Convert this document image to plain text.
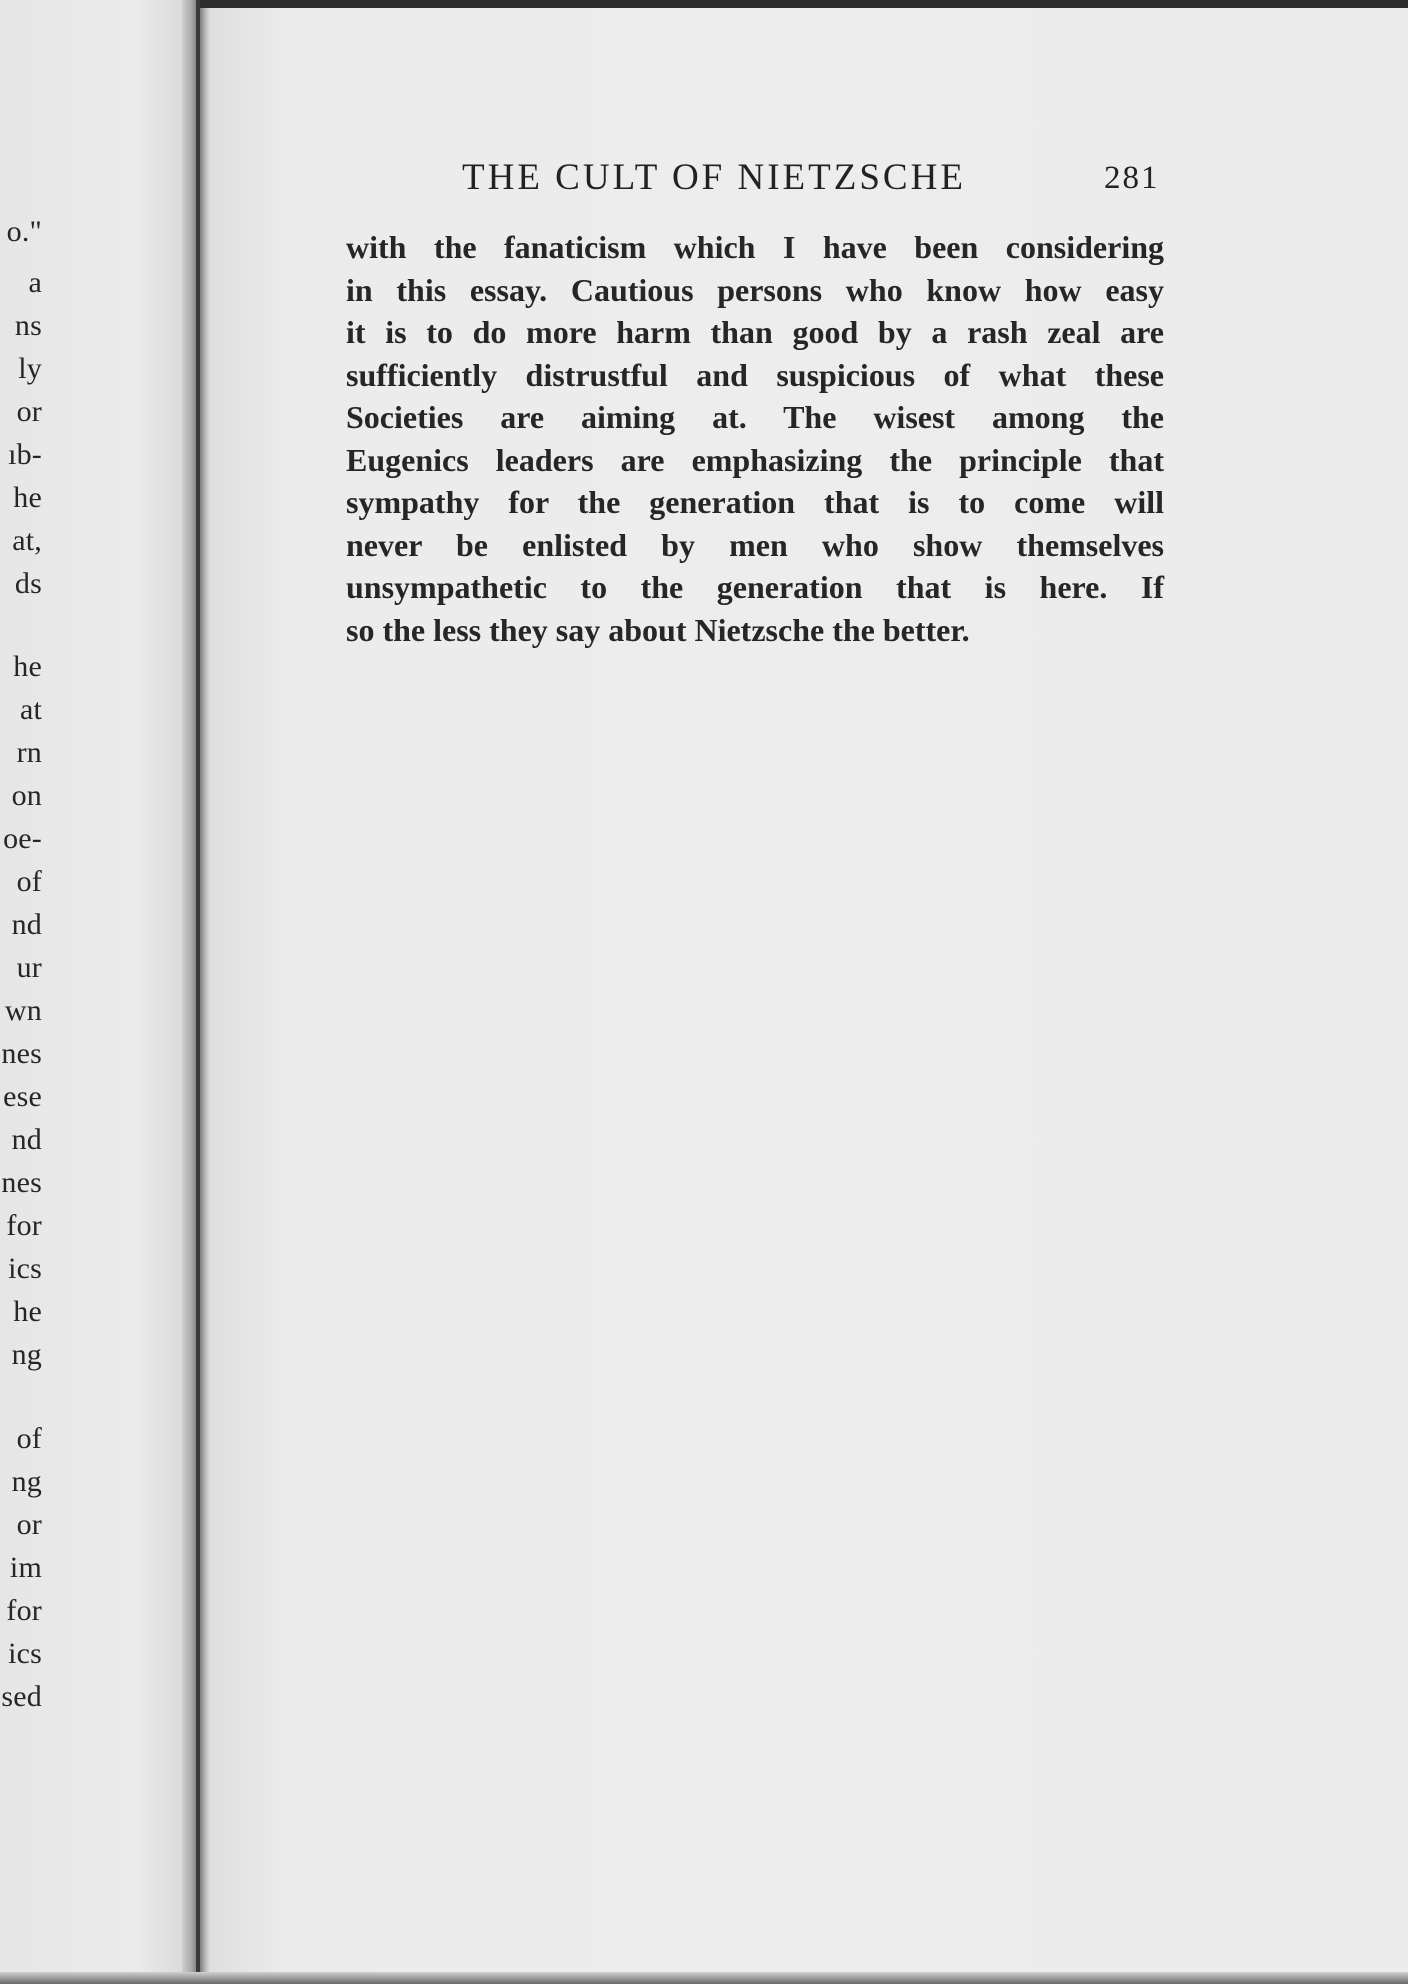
o."
a
ns
ly
or
ıb-
he
at,
ds
he
at
rn
on
oe-
of
nd
ur
wn
nes
ese
nd
nes
for
ics
he
ng
of
ng
or
im
for
ics
sed
THE CULT OF NIETZSCHE	281
with the fanaticism which I have been considering
in this essay. Cautious persons who know how easy
it is to do more harm than good by a rash zeal are
sufficiently distrustful and suspicious of what these
Societies are aiming at. The wisest among the
Eugenics leaders are emphasizing the principle that
sympathy for the generation that is to come will
never be enlisted by men who show themselves
unsympathetic to the generation that is here. If
so the less they say about Nietzsche the better.
